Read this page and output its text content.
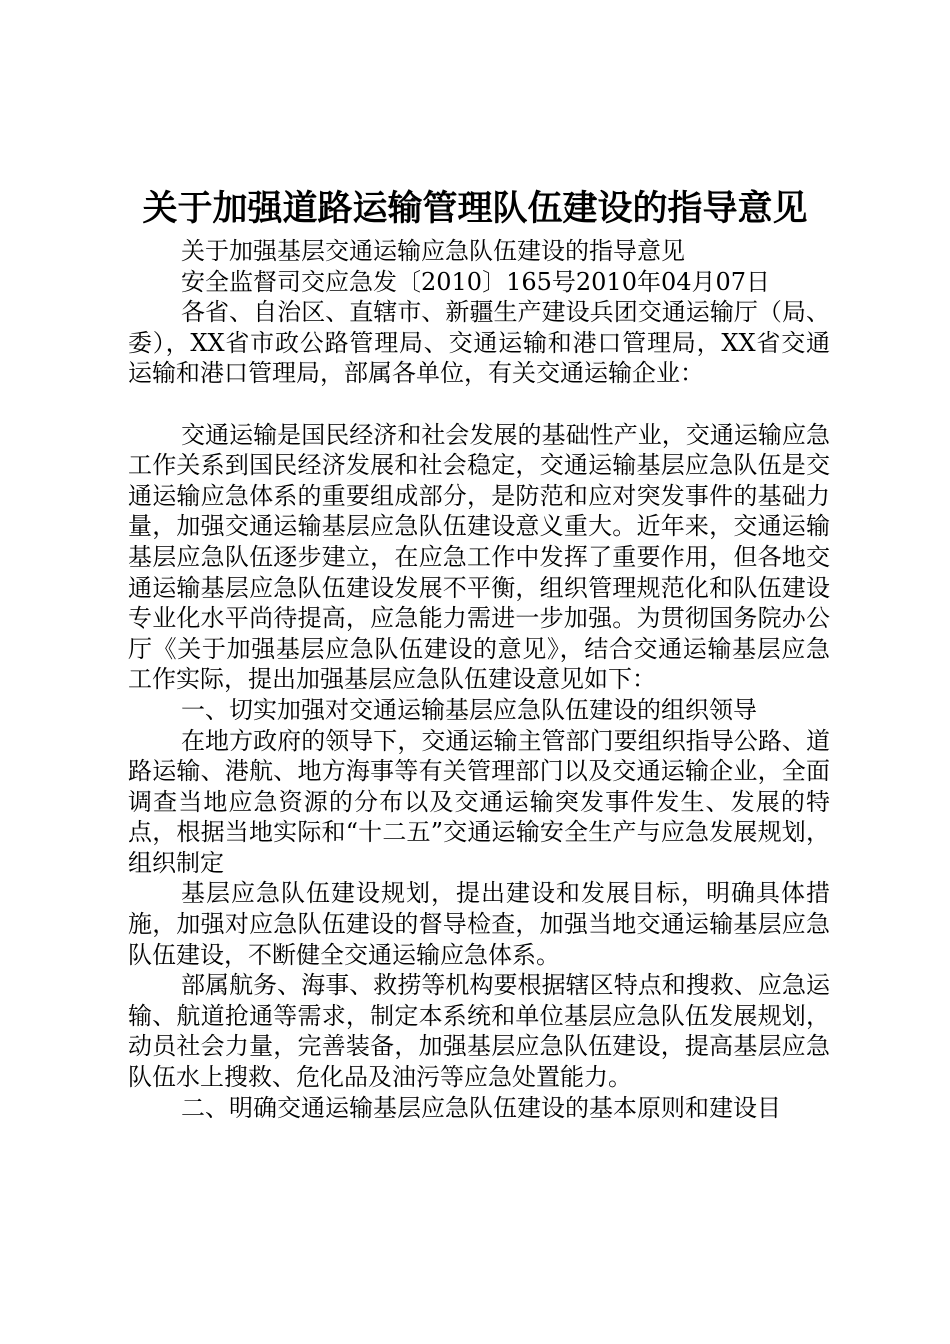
关于加强道路运输管理队伍建设的指导意见

关于加强基层交通运输应急队伍建设的指导意见

安全监督司交应急发〔2010〕165号2010年04月07日

各省、自治区、直辖市、新疆生产建设兵团交通运输厅（局、委），XX省市政公路管理局、交通运输和港口管理局，XX省交通运输和港口管理局，部属各单位，有关交通运输企业：

交通运输是国民经济和社会发展的基础性产业，交通运输应急工作关系到国民经济发展和社会稳定，交通运输基层应急队伍是交通运输应急体系的重要组成部分，是防范和应对突发事件的基础力量，加强交通运输基层应急队伍建设意义重大。近年来，交通运输基层应急队伍逐步建立，在应急工作中发挥了重要作用，但各地交通运输基层应急队伍建设发展不平衡，组织管理规范化和队伍建设专业化水平尚待提高，应急能力需进一步加强。为贯彻国务院办公厅《关于加强基层应急队伍建设的意见》，结合交通运输基层应急工作实际，提出加强基层应急队伍建设意见如下：

一、切实加强对交通运输基层应急队伍建设的组织领导

在地方政府的领导下，交通运输主管部门要组织指导公路、道路运输、港航、地方海事等有关管理部门以及交通运输企业，全面调查当地应急资源的分布以及交通运输突发事件发生、发展的特点，根据当地实际和“十二五”交通运输安全生产与应急发展规划，组织制定

基层应急队伍建设规划，提出建设和发展目标，明确具体措施，加强对应急队伍建设的督导检查，加强当地交通运输基层应急队伍建设，不断健全交通运输应急体系。

部属航务、海事、救捞等机构要根据辖区特点和搜救、应急运输、航道抢通等需求，制定本系统和单位基层应急队伍发展规划，动员社会力量，完善装备，加强基层应急队伍建设，提高基层应急队伍水上搜救、危化品及油污等应急处置能力。

二、明确交通运输基层应急队伍建设的基本原则和建设目
